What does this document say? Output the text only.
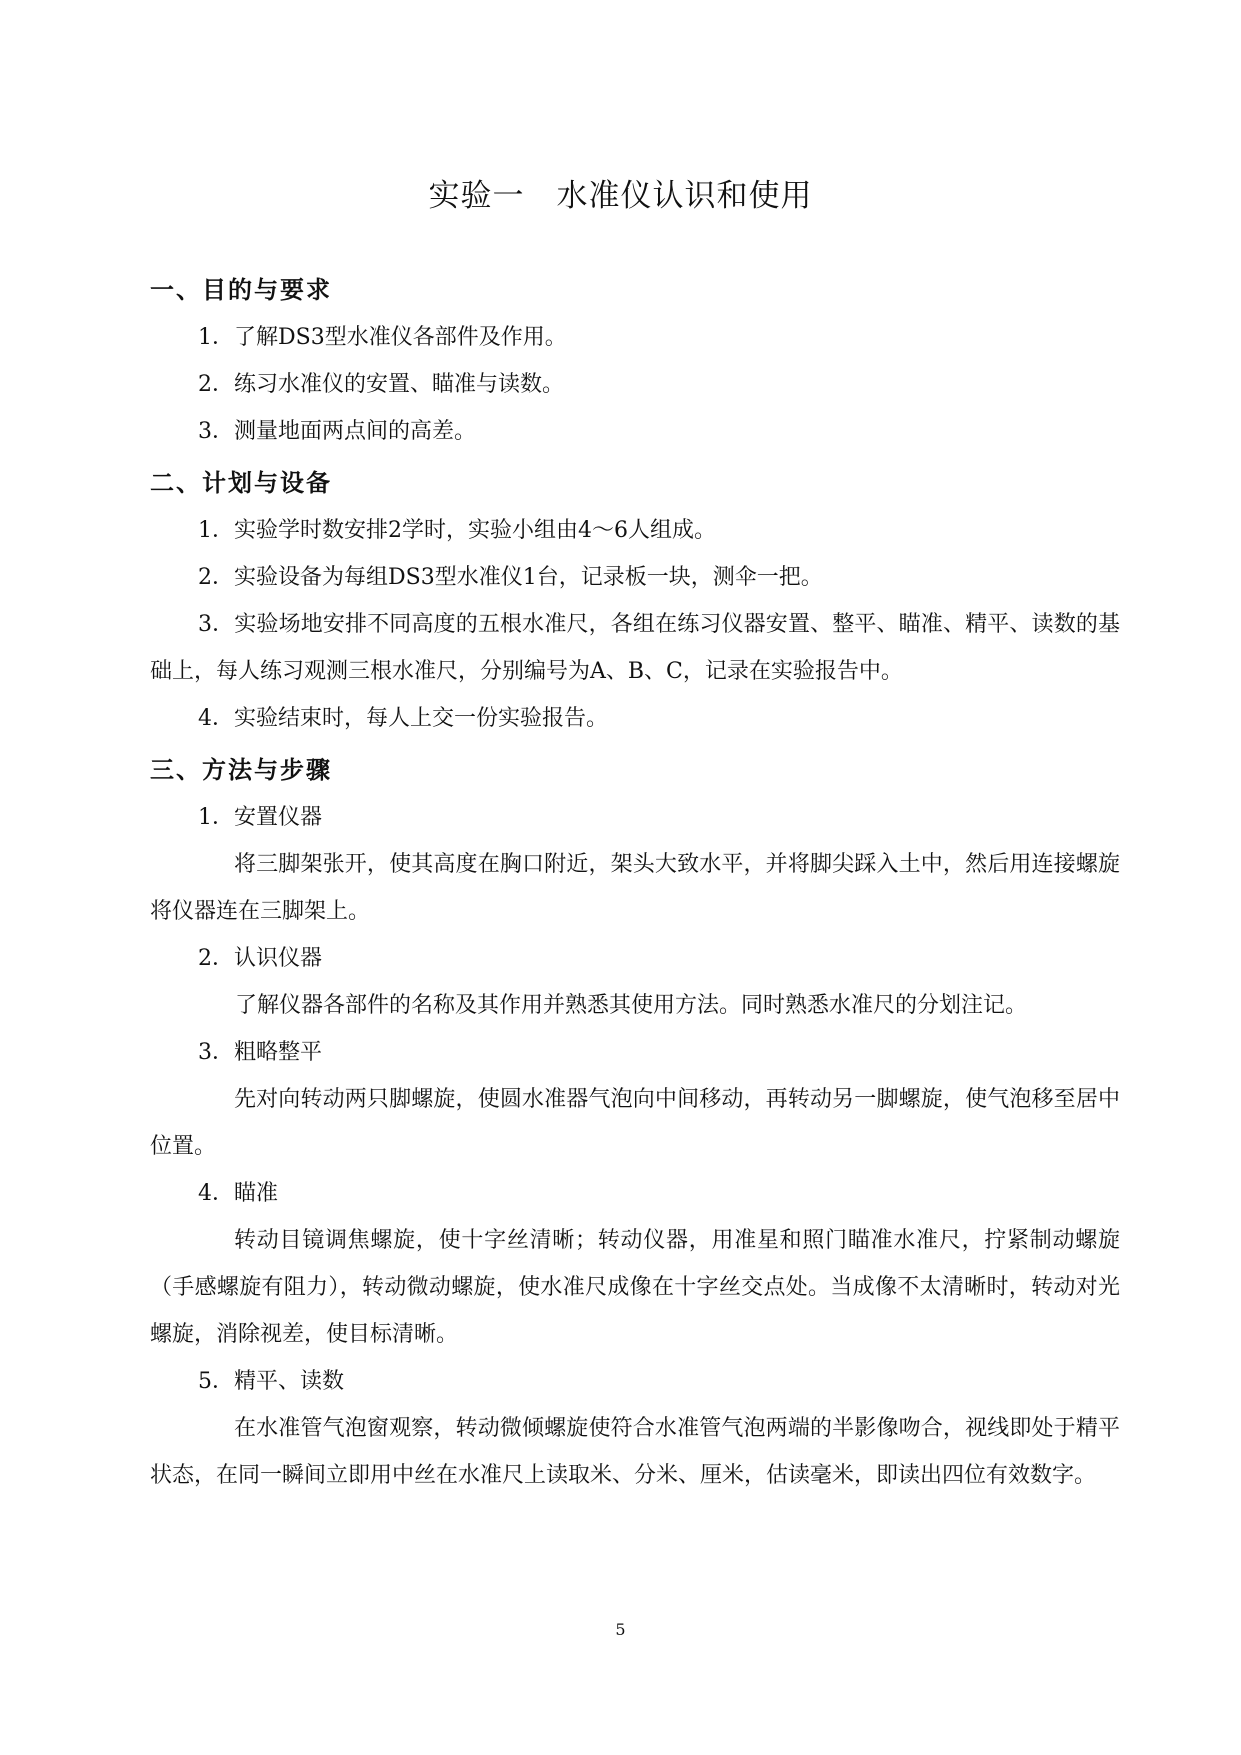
实验一　水准仪认识和使用
一、目的与要求
1．了解DS3型水准仪各部件及作用。
2．练习水准仪的安置、瞄准与读数。
3．测量地面两点间的高差。
二、计划与设备
1．实验学时数安排2学时，实验小组由4～6人组成。
2．实验设备为每组DS3型水准仪1台，记录板一块，测伞一把。
3．实验场地安排不同高度的五根水准尺，各组在练习仪器安置、整平、瞄准、精平、读数的基础上，每人练习观测三根水准尺，分别编号为A、B、C，记录在实验报告中。
4．实验结束时，每人上交一份实验报告。
三、方法与步骤
1．安置仪器
将三脚架张开，使其高度在胸口附近，架头大致水平，并将脚尖踩入土中，然后用连接螺旋将仪器连在三脚架上。
2．认识仪器
了解仪器各部件的名称及其作用并熟悉其使用方法。同时熟悉水准尺的分划注记。
3．粗略整平
先对向转动两只脚螺旋，使圆水准器气泡向中间移动，再转动另一脚螺旋，使气泡移至居中位置。
4．瞄准
转动目镜调焦螺旋，使十字丝清晰；转动仪器，用准星和照门瞄准水准尺，拧紧制动螺旋（手感螺旋有阻力），转动微动螺旋，使水准尺成像在十字丝交点处。当成像不太清晰时，转动对光螺旋，消除视差，使目标清晰。
5．精平、读数
在水准管气泡窗观察，转动微倾螺旋使符合水准管气泡两端的半影像吻合，视线即处于精平状态，在同一瞬间立即用中丝在水准尺上读取米、分米、厘米，估读毫米，即读出四位有效数字。
5
